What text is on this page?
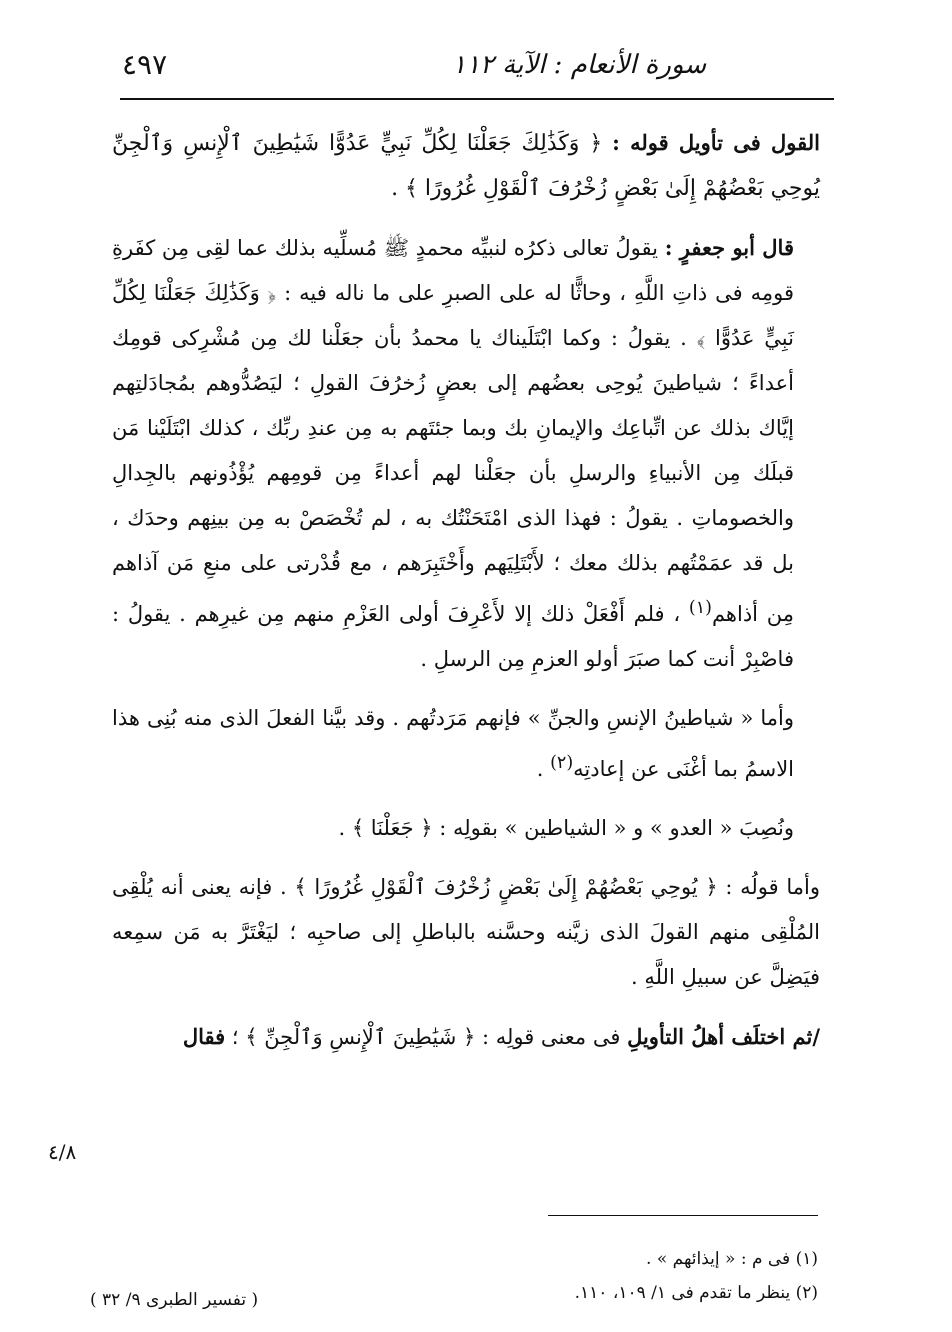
٤٩٧	سورة الأنعام : الآية ١١٢

القول فى تأويل قوله : ﴿ وَكَذَٰلِكَ جَعَلْنَا لِكُلِّ نَبِيٍّ عَدُوًّا شَيَٰطِينَ ٱلْإِنسِ وَٱلْجِنِّ يُوحِي بَعْضُهُمْ إِلَىٰ بَعْضٍ زُخْرُفَ ٱلْقَوْلِ غُرُورًا ﴾ .

قال أبو جعفرٍ : يقولُ تعالى ذكرُه لنبيِّه محمدٍ ﷺ مُسلِّيه بذلك عما لقِى مِن كفَرةِ قومِه فى ذاتِ اللَّهِ ، وحاثًّا له على الصبرِ على ما ناله فيه : ﴿ وَكَذَٰلِكَ جَعَلْنَا لِكُلِّ نَبِيٍّ عَدُوًّا ﴾ . يقولُ : وكما ابْتَلَيناك يا محمدُ بأن جعَلْنا لك مِن مُشْرِكى قومِك أعداءً ؛ شياطينَ يُوحِى بعضُهم إلى بعضٍ زُخرُفَ القولِ ؛ ليَصُدُّوهم بمُجادَلتِهم إيَّاك بذلك عن اتِّباعِك والإيمانِ بك وبما جئتَهم به مِن عندِ ربِّك ، كذلك ابْتَلَيْنا مَن قبلَك مِن الأنبياءِ والرسلِ بأن جعَلْنا لهم أعداءً مِن قومِهم يُؤْذُونهم بالجِدالِ والخصوماتِ . يقولُ : فهذا الذى امْتَحَنْتُك به ، لم تُخْصَصْ به مِن بينِهم وحدَك ، بل قد عمَمْتُهم بذلك معك ؛ لأَبْتَلِيَهم وأَخْتَبِرَهم ، مع قُدْرتى على منعِ مَن آذاهم مِن أذاهم$^{(١)}$ ، فلم أَفْعَلْ ذلك إلا لأَعْرِفَ أولى العَزْمِ منهم مِن غيرِهم . يقولُ : فاصْبِرْ أنت كما صبَرَ أولو العزمِ مِن الرسلِ .

وأما « شياطينُ الإنسِ والجنِّ » فإنهم مَرَدتُهم . وقد بيَّنا الفعلَ الذى منه بُنِى هذا الاسمُ بما أغْنَى عن إعادتِه$^{(٢)}$ .

ونُصِبَ « العدو » و « الشياطين » بقولِه : ﴿ جَعَلْنَا ﴾ .

وأما قولُه : ﴿ يُوحِي بَعْضُهُمْ إِلَىٰ بَعْضٍ زُخْرُفَ ٱلْقَوْلِ غُرُورًا ﴾ . فإنه يعنى أنه يُلْقِى المُلْقِى منهم القولَ الذى زيَّنه وحسَّنه بالباطلِ إلى صاحبِه ؛ ليَغْتَرَّ به مَن سمِعه فيَضِلَّ عن سبيلِ اللَّهِ .

/ثم اختلَف أهلُ التأويلِ فى معنى قولِه : ﴿ شَيَٰطِينَ ٱلْإِنسِ وَٱلْجِنِّ ﴾ ؛ فقال

٤/٨
(١) فى م : « إيذائهم » .
(٢) ينظر ما تقدم فى ١/ ١٠٩، ١١٠.
( تفسير الطبرى ٩/ ٣٢ )
